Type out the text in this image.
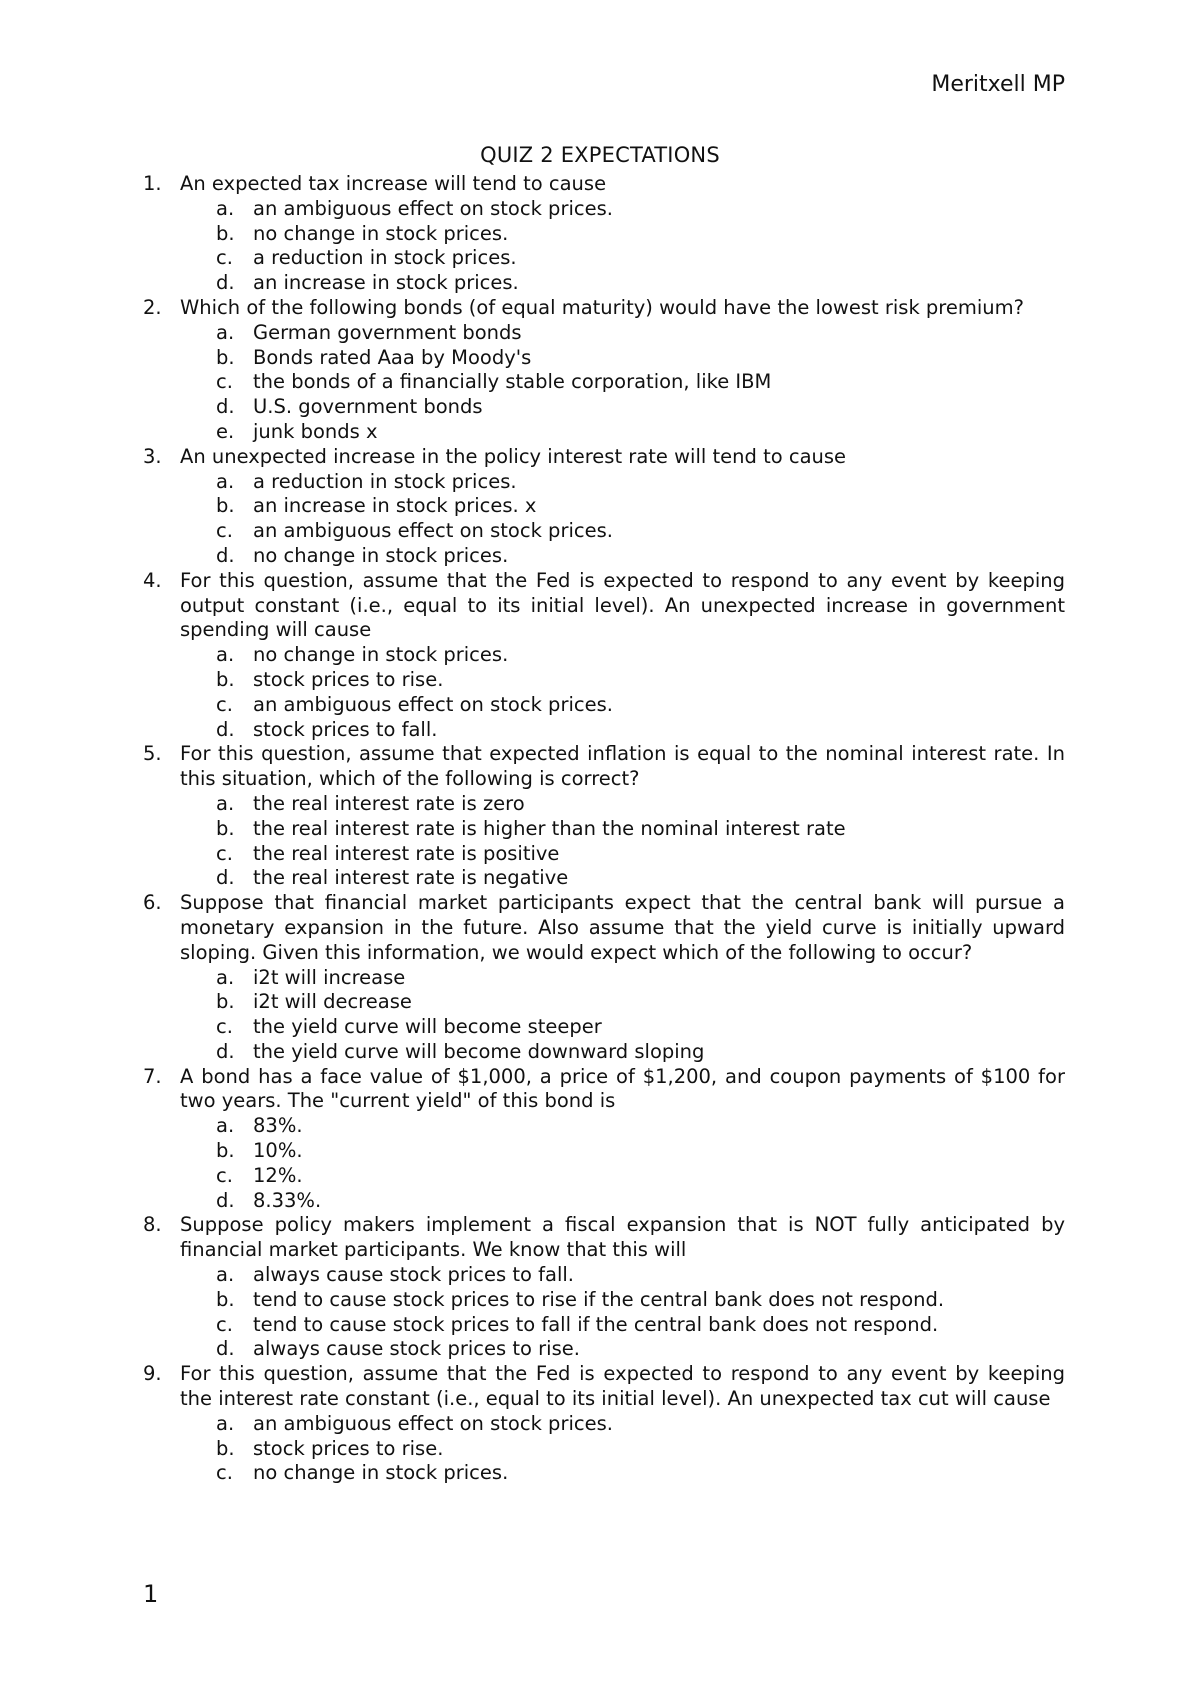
Meritxell MP
QUIZ 2 EXPECTATIONS
1. An expected tax increase will tend to cause
a. an ambiguous effect on stock prices.
b. no change in stock prices.
c. a reduction in stock prices.
d. an increase in stock prices.
2. Which of the following bonds (of equal maturity) would have the lowest risk premium?
a. German government bonds
b. Bonds rated Aaa by Moody's
c. the bonds of a financially stable corporation, like IBM
d. U.S. government bonds
e. junk bonds x
3. An unexpected increase in the policy interest rate will tend to cause
a. a reduction in stock prices.
b. an increase in stock prices. x
c. an ambiguous effect on stock prices.
d. no change in stock prices.
4. For this question, assume that the Fed is expected to respond to any event by keeping output constant (i.e., equal to its initial level). An unexpected increase in government spending will cause
a. no change in stock prices.
b. stock prices to rise.
c. an ambiguous effect on stock prices.
d. stock prices to fall.
5. For this question, assume that expected inflation is equal to the nominal interest rate. In this situation, which of the following is correct?
a. the real interest rate is zero
b. the real interest rate is higher than the nominal interest rate
c. the real interest rate is positive
d. the real interest rate is negative
6. Suppose that financial market participants expect that the central bank will pursue a monetary expansion in the future. Also assume that the yield curve is initially upward sloping. Given this information, we would expect which of the following to occur?
a. i2t will increase
b. i2t will decrease
c. the yield curve will become steeper
d. the yield curve will become downward sloping
7. A bond has a face value of $1,000, a price of $1,200, and coupon payments of $100 for two years. The "current yield" of this bond is
a. 83%.
b. 10%.
c. 12%.
d. 8.33%.
8. Suppose policy makers implement a fiscal expansion that is NOT fully anticipated by financial market participants. We know that this will
a. always cause stock prices to fall.
b. tend to cause stock prices to rise if the central bank does not respond.
c. tend to cause stock prices to fall if the central bank does not respond.
d. always cause stock prices to rise.
9. For this question, assume that the Fed is expected to respond to any event by keeping the interest rate constant (i.e., equal to its initial level). An unexpected tax cut will cause
a. an ambiguous effect on stock prices.
b. stock prices to rise.
c. no change in stock prices.
1
